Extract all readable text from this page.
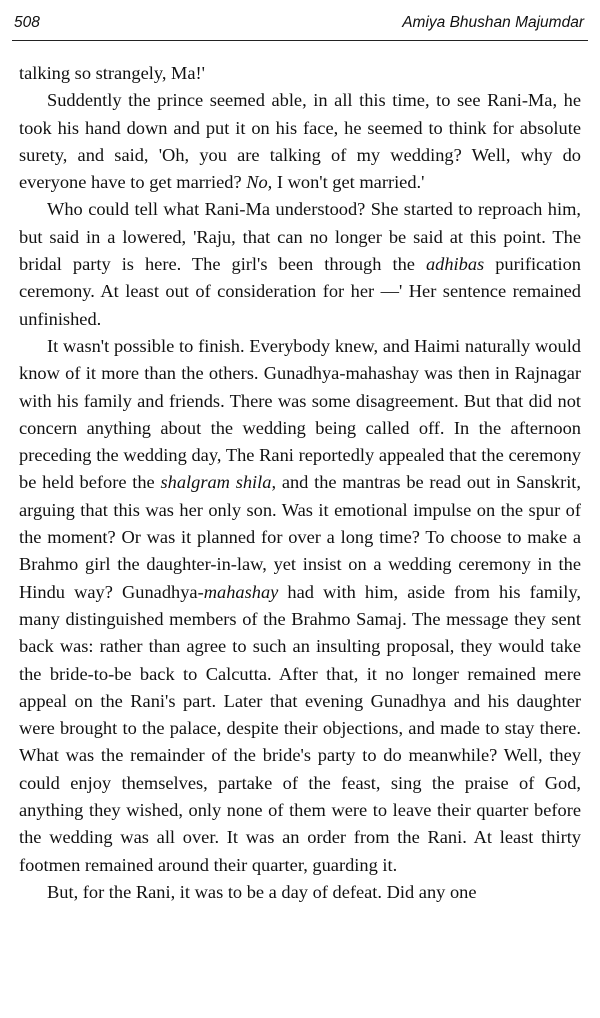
508	Amiya Bhushan Majumdar

talking so strangely, Ma!'

Suddently the prince seemed able, in all this time, to see Rani-Ma, he took his hand down and put it on his face, he seemed to think for absolute surety, and said, 'Oh, you are talking of my wedding? Well, why do everyone have to get married? No, I won't get married.'

Who could tell what Rani-Ma understood? She started to reproach him, but said in a lowered, 'Raju, that can no longer be said at this point. The bridal party is here. The girl's been through the adhibas purification ceremony. At least out of consideration for her —' Her sentence remained unfinished.

It wasn't possible to finish. Everybody knew, and Haimi naturally would know of it more than the others. Gunadhya-mahashay was then in Rajnagar with his family and friends. There was some disagreement. But that did not concern anything about the wedding being called off. In the afternoon preceding the wedding day, The Rani reportedly appealed that the ceremony be held before the shalgram shila, and the mantras be read out in Sanskrit, arguing that this was her only son. Was it emotional impulse on the spur of the moment? Or was it planned for over a long time? To choose to make a Brahmo girl the daughter-in-law, yet insist on a wedding ceremony in the Hindu way? Gunadhya-mahashay had with him, aside from his family, many distinguished members of the Brahmo Samaj. The message they sent back was: rather than agree to such an insulting proposal, they would take the bride-to-be back to Calcutta. After that, it no longer remained mere appeal on the Rani's part. Later that evening Gunadhya and his daughter were brought to the palace, despite their objections, and made to stay there. What was the remainder of the bride's party to do meanwhile? Well, they could enjoy themselves, partake of the feast, sing the praise of God, anything they wished, only none of them were to leave their quarter before the wedding was all over. It was an order from the Rani. At least thirty footmen remained around their quarter, guarding it.

But, for the Rani, it was to be a day of defeat. Did any one
